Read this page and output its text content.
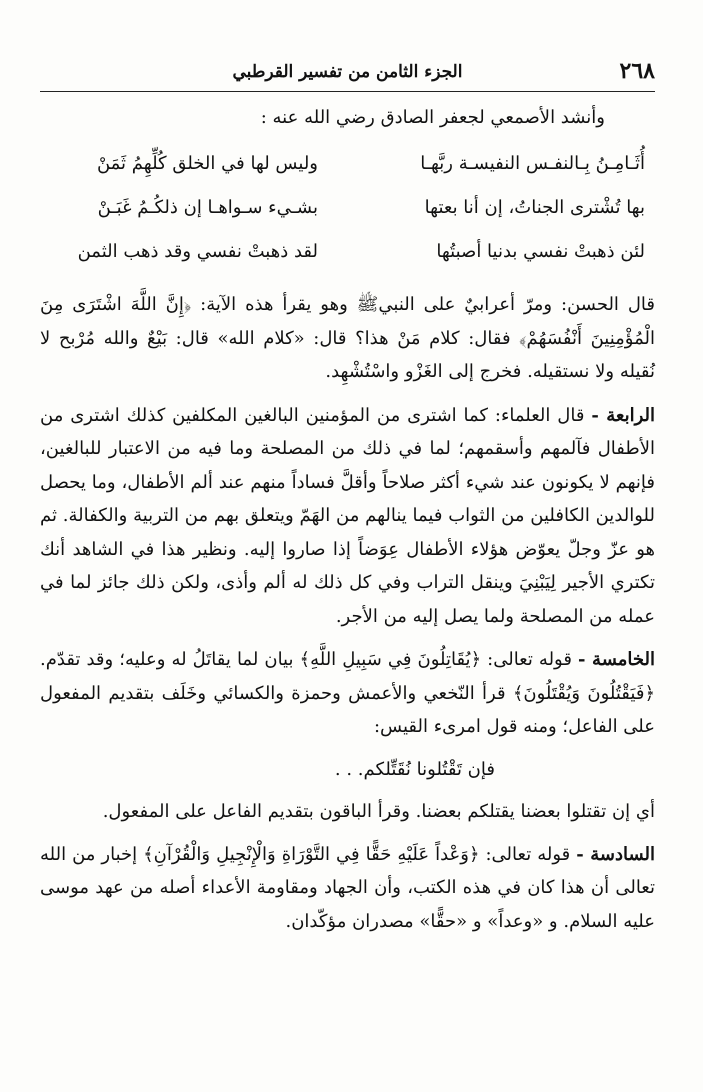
٢٦٨
الجزء الثامن من تفسير القرطبي

وأنشد الأصمعي لجعفر الصادق رضي الله عنه :

أُثَـامِـنُ بِـالنفـس النفيسـة ربَّهـا
وليس لها في الخلق كُلِّهِمُ ثَمَنْ
بها تُشْترى الجناتُ، إن أنا بعتها
بشـيء سـواهـا إن ذلكُـمُ غَبَـنْ
لئن ذهبتْ نفسي بدنيا أصبتُها
لقد ذهبتْ نفسي وقد ذهب الثمن

قال الحسن: ومرّ أعرابيٌ على النبيﷺ وهو يقرأ هذه الآية: ﴿إِنَّ اللَّهَ اشْتَرَى مِنَ الْمُؤْمِنِينَ أَنْفُسَهُمْ﴾ فقال: كلام مَنْ هذا؟ قال: «كلام الله» قال: بَيْعٌ والله مُرْبح لا نُقيله ولا نستقيله. فخرج إلى الغَزْو واسْتُشْهِد.

الرابعة - قال العلماء: كما اشترى من المؤمنين البالغين المكلفين كذلك اشترى من الأطفال فآلمهم وأسقمهم؛ لما في ذلك من المصلحة وما فيه من الاعتبار للبالغين، فإنهم لا يكونون عند شيء أكثر صلاحاً وأقلَّ فساداً منهم عند ألم الأطفال، وما يحصل للوالدين الكافلين من الثواب فيما ينالهم من الهَمّ ويتعلق بهم من التربية والكفالة. ثم هو عزّ وجلّ يعوّض هؤلاء الأطفال عِوَضاً إذا صاروا إليه. ونظير هذا في الشاهد أنك تكتري الأجير لِيَبْنِيَ وينقل التراب وفي كل ذلك له ألم وأذى، ولكن ذلك جائز لما في عمله من المصلحة ولما يصل إليه من الأجر.

الخامسة - قوله تعالى: ﴿يُقَاتِلُونَ فِي سَبِيلِ اللَّهِ﴾ بيان لما يقاتَلُ له وعليه؛ وقد تقدّم. ﴿فَيَقْتُلُونَ وَيُقْتَلُونَ﴾ قرأ النّخعي والأعمش وحمزة والكسائي وخَلَف بتقديم المفعول على الفاعل؛ ومنه قول امرىء القيس:

فإن تَقْتُلونا نُقَتِّلكم. . .

أي إن تقتلوا بعضنا يقتلكم بعضنا. وقرأ الباقون بتقديم الفاعل على المفعول.

السادسة - قوله تعالى: ﴿وَعْداً عَلَيْهِ حَقًّا فِي التَّوْرَاةِ وَالْإِنْجِيلِ وَالْقُرْآنِ﴾ إخبار من الله تعالى أن هذا كان في هذه الكتب، وأن الجهاد ومقاومة الأعداء أصله من عهد موسى عليه السلام. و «وعداً» و «حقًّا» مصدران مؤكّدان.
